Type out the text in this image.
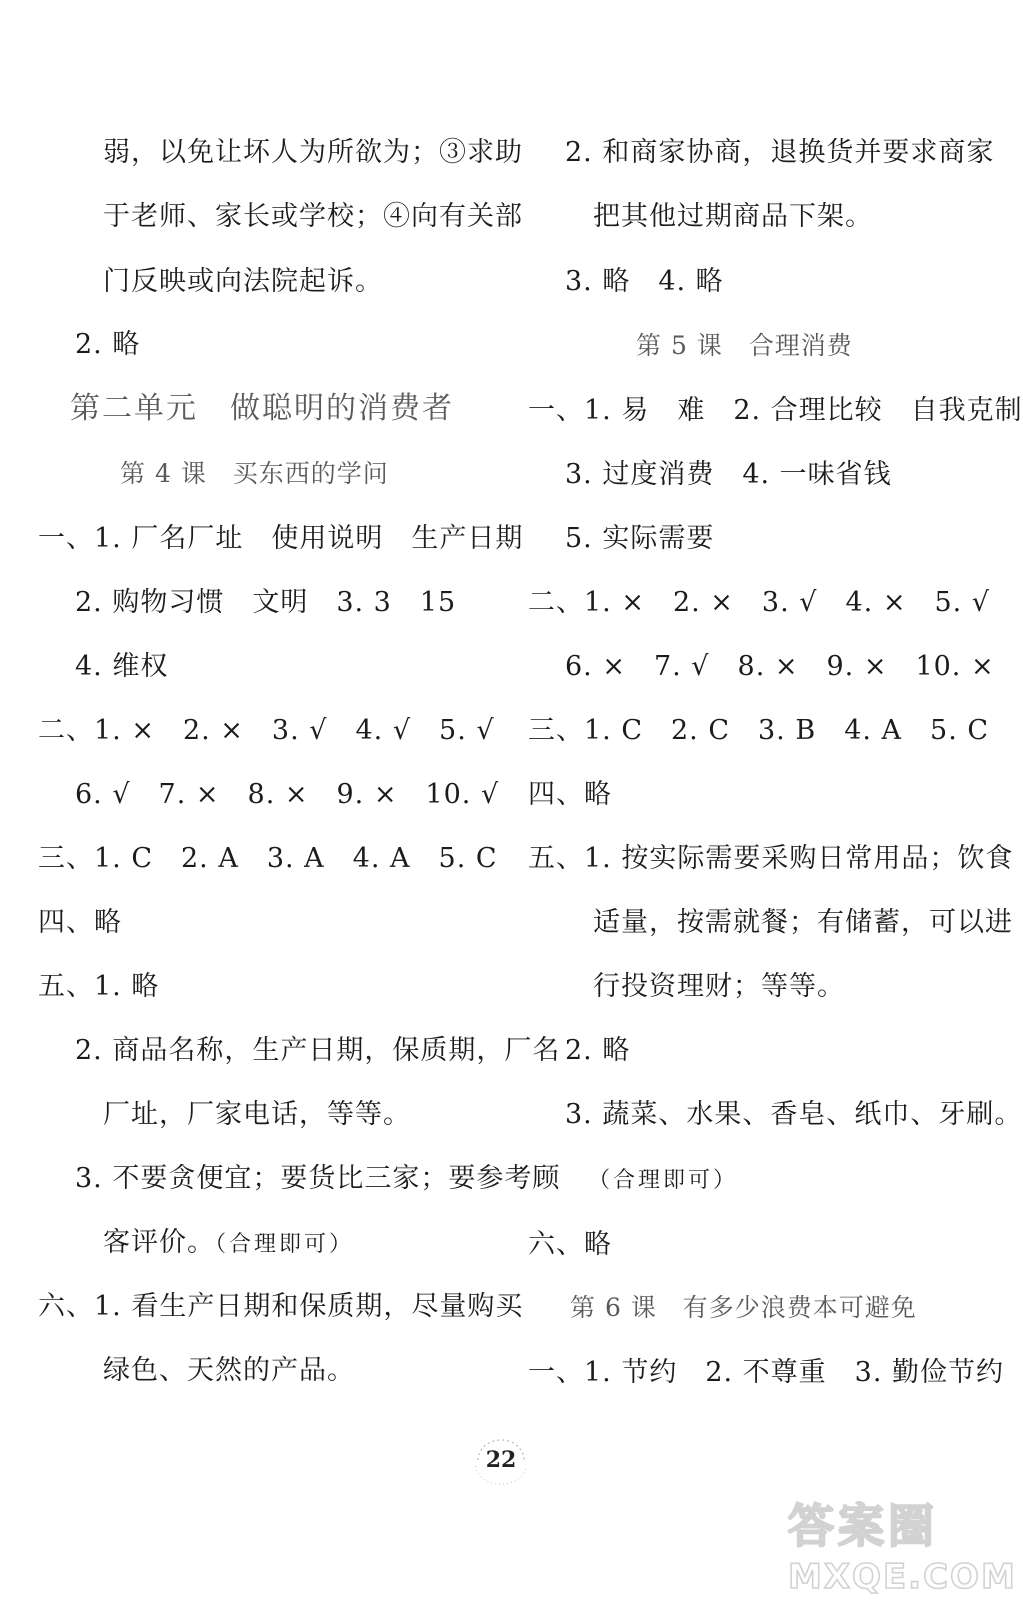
弱，以免让坏人为所欲为；③求助
于老师、家长或学校；④向有关部
门反映或向法院起诉。
2. 略
第二单元　做聪明的消费者
第 4 课　买东西的学问
一、1. 厂名厂址　使用说明　生产日期
2. 购物习惯　文明　3. 3　15
4. 维权
二、1. ×　2. ×　3. √　4. √　5. √
6. √　7. ×　8. ×　9. ×　10. √
三、1. C　2. A　3. A　4. A　5. C
四、略
五、1. 略
2. 商品名称，生产日期，保质期，厂名
厂址，厂家电话，等等。
3. 不要贪便宜；要货比三家；要参考顾
客评价。（合理即可）
六、1. 看生产日期和保质期，尽量购买
绿色、天然的产品。
2. 和商家协商，退换货并要求商家
把其他过期商品下架。
3. 略　4. 略
第 5 课　合理消费
一、1. 易　难　2. 合理比较　自我克制
3. 过度消费　4. 一味省钱
5. 实际需要
二、1. ×　2. ×　3. √　4. ×　5. √
6. ×　7. √　8. ×　9. ×　10. ×
三、1. C　2. C　3. B　4. A　5. C
四、略
五、1. 按实际需要采购日常用品；饮食
适量，按需就餐；有储蓄，可以进
行投资理财；等等。
2. 略
3. 蔬菜、水果、香皂、纸巾、牙刷。
（合理即可）
六、略
第 6 课　有多少浪费本可避免
一、1. 节约　2. 不尊重　3. 勤俭节约
22
答案圈
MXQE.COM
